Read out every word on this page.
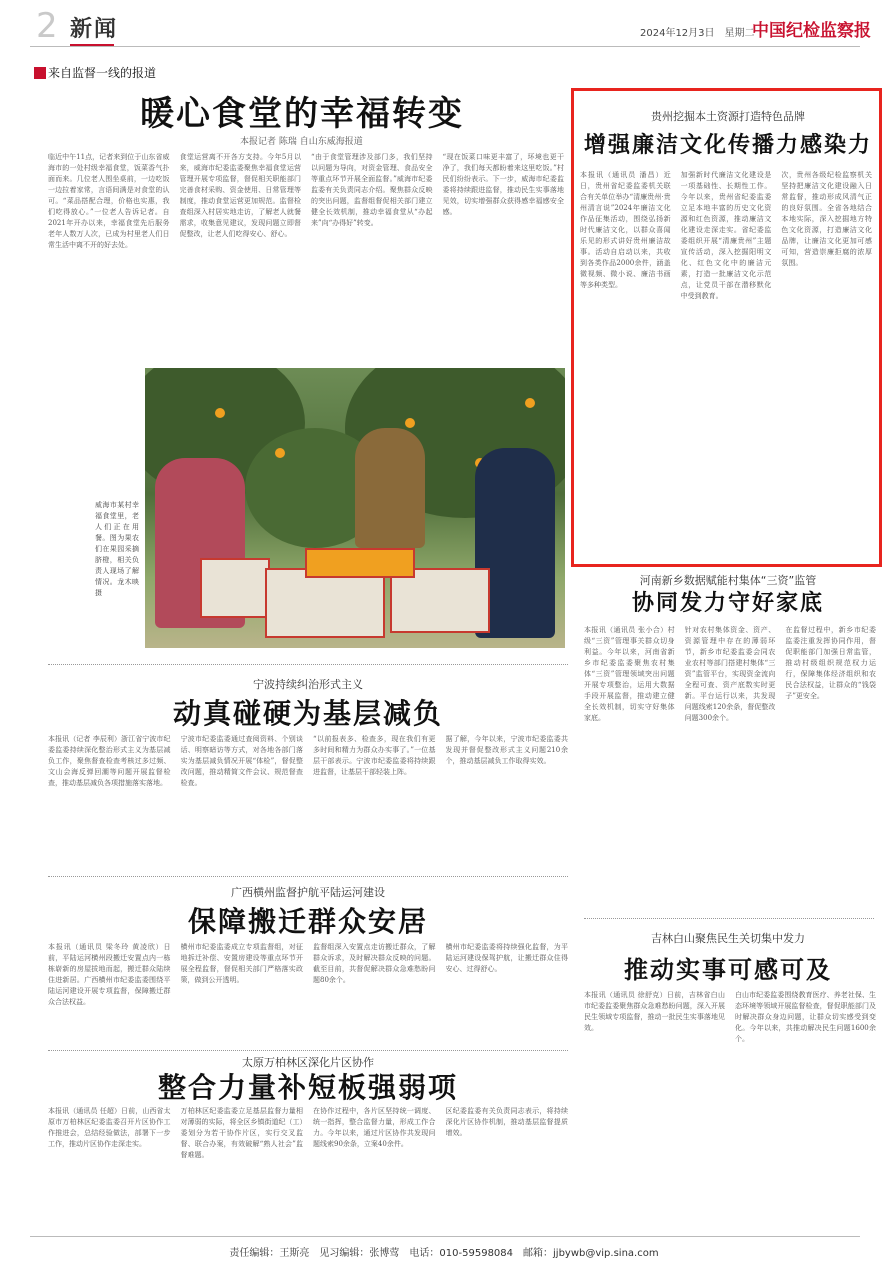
2 新闻	2024年12月3日　星期二
中国纪检监察报
来自监督一线的报道
暖心食堂的幸福转变
本报记者 陈瑞 自山东威海报道
临近中午11点，记者来到位于山东省威海市的一处村级幸福食堂，饭菜香气扑面而来。几位老人围坐桌前，一边吃饭一边拉着家常，言语间满是对食堂的认可。“菜品搭配合理，价格也实惠，我们吃得放心。”一位老人告诉记者。自2021年开办以来，幸福食堂先后服务老年人数万人次，已成为村里老人们日常生活中离不开的好去处。
食堂运营离不开各方支持。今年5月以来，威海市纪委监委聚焦幸福食堂运营管理开展专项监督，督促相关职能部门完善食材采购、资金使用、日常管理等制度，推动食堂运营更加规范。监督检查组深入村居实地走访，了解老人就餐需求，收集意见建议，发现问题立即督促整改，让老人们吃得安心、舒心。
“由于食堂管理涉及部门多，我们坚持以问题为导向，对资金管理、食品安全等重点环节开展全面监督。”威海市纪委监委有关负责同志介绍。聚焦群众反映的突出问题，监督组督促相关部门建立健全长效机制，推动幸福食堂从“办起来”向“办得好”转变。
“现在饭菜口味更丰富了，环境也更干净了，我们每天都盼着来这里吃饭。”村民们纷纷表示。下一步，威海市纪委监委将持续跟进监督，推动民生实事落地见效，切实增强群众获得感幸福感安全感。
威海市某村幸福食堂里，老人们正在用餐。图为果农们在果园采摘脐橙，相关负责人现场了解情况。龙木映 摄
贵州挖掘本土资源打造特色品牌
增强廉洁文化传播力感染力
本报讯（通讯员 潘昌）近日，贵州省纪委监委机关联合有关单位举办“清廉贵州·贵州清言说”2024年廉洁文化作品征集活动，围绕弘扬新时代廉洁文化，以群众喜闻乐见的形式讲好贵州廉洁故事。活动自启动以来，共收到各类作品2000余件，涵盖微视频、微小说、廉洁书画等多种类型。
加强新时代廉洁文化建设是一项基础性、长期性工作。今年以来，贵州省纪委监委立足本地丰富的历史文化资源和红色资源，推动廉洁文化建设走深走实。省纪委监委组织开展“清廉贵州”主题宣传活动，深入挖掘阳明文化、红色文化中的廉洁元素，打造一批廉洁文化示范点，让党员干部在潜移默化中受到教育。
次，贵州各级纪检监察机关坚持把廉洁文化建设融入日常监督，推动形成风清气正的良好氛围。全省各地结合本地实际，深入挖掘地方特色文化资源，打造廉洁文化品牌，让廉洁文化更加可感可知，营造崇廉拒腐的浓厚氛围。
河南新乡数据赋能村集体“三资”监管
协同发力守好家底
本报讯（通讯员 张小合）村级“三资”管理事关群众切身利益。今年以来，河南省新乡市纪委监委聚焦农村集体“三资”管理领域突出问题开展专项整治，运用大数据手段开展监督，推动建立健全长效机制，切实守好集体家底。
针对农村集体资金、资产、资源管理中存在的薄弱环节，新乡市纪委监委会同农业农村等部门搭建村集体“三资”监管平台，实现资金流向全程可查、资产底数实时更新。平台运行以来，共发现问题线索120余条，督促整改问题300余个。
在监督过程中，新乡市纪委监委注重发挥协同作用，督促职能部门加强日常监管，推动村级组织规范权力运行，保障集体经济组织和农民合法权益，让群众的“钱袋子”更安全。
宁波持续纠治形式主义
动真碰硬为基层减负
本报讯（记者 李辰利）浙江省宁波市纪委监委持续深化整治形式主义为基层减负工作，聚焦督查检查考核过多过频、文山会海反弹回潮等问题开展监督检查，推动基层减负各项措施落实落地。
宁波市纪委监委通过查阅资料、个别谈话、明察暗访等方式，对各地各部门落实为基层减负情况开展“体检”，督促整改问题，推动精简文件会议、规范督查检查。
“以前报表多、检查多，现在我们有更多时间和精力为群众办实事了。”一位基层干部表示。宁波市纪委监委将持续跟进监督，让基层干部轻装上阵。
据了解，今年以来，宁波市纪委监委共发现并督促整改形式主义问题210余个，推动基层减负工作取得实效。
广西横州监督护航平陆运河建设
保障搬迁群众安居
本报讯（通讯员 梁冬玲 黄凌欣）日前，平陆运河横州段搬迁安置点内一栋栋崭新的房屋拔地而起，搬迁群众陆续住进新居。广西横州市纪委监委围绕平陆运河建设开展专项监督，保障搬迁群众合法权益。
横州市纪委监委成立专项监督组，对征地拆迁补偿、安置房建设等重点环节开展全程监督，督促相关部门严格落实政策，做到公开透明。
监督组深入安置点走访搬迁群众，了解群众诉求，及时解决群众反映的问题。截至目前，共督促解决群众急难愁盼问题80余个。
横州市纪委监委将持续强化监督，为平陆运河建设保驾护航，让搬迁群众住得安心、过得舒心。
吉林白山聚焦民生关切集中发力
推动实事可感可及
本报讯（通讯员 徐舒克）日前，吉林省白山市纪委监委聚焦群众急难愁盼问题，深入开展民生领域专项监督，推动一批民生实事落地见效。
白山市纪委监委围绕教育医疗、养老社保、生态环境等领域开展监督检查，督促职能部门及时解决群众身边问题，让群众切实感受到变化。今年以来，共推动解决民生问题1600余个。
太原万柏林区深化片区协作
整合力量补短板强弱项
本报讯（通讯员 任超）日前，山西省太原市万柏林区纪委监委召开片区协作工作推进会，总结经验做法，部署下一步工作，推动片区协作走深走实。
万柏林区纪委监委立足基层监督力量相对薄弱的实际，将全区乡镇街道纪（工）委划分为若干协作片区，实行交叉监督、联合办案，有效破解“熟人社会”监督难题。
在协作过程中，各片区坚持统一调度、统一指挥，整合监督力量，形成工作合力。今年以来，通过片区协作共发现问题线索90余条，立案40余件。
区纪委监委有关负责同志表示，将持续深化片区协作机制，推动基层监督提质增效。
责任编辑：王斯亮　见习编辑：张博莺　电话：010-59598084　邮箱：jjbywb@vip.sina.com
